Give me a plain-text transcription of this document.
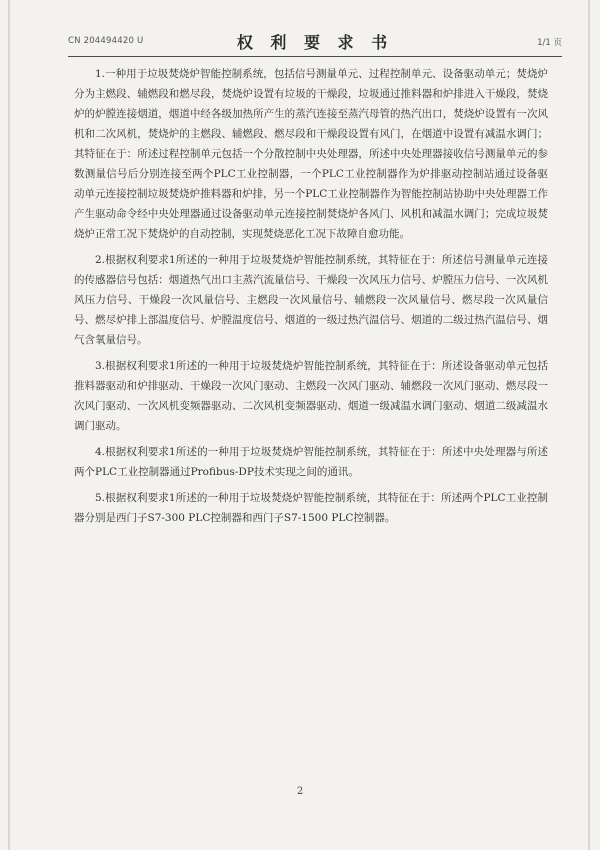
CN 204494420 U	权 利 要 求 书	1/1 页

1.一种用于垃圾焚烧炉智能控制系统，包括信号测量单元、过程控制单元、设备驱动单元；焚烧炉分为主燃段、辅燃段和燃尽段，焚烧炉设置有垃圾的干燥段，垃圾通过推料器和炉排进入干燥段，焚烧炉的炉膛连接烟道，烟道中经各级加热所产生的蒸汽连接至蒸汽母管的热汽出口，焚烧炉设置有一次风机和二次风机，焚烧炉的主燃段、辅燃段、燃尽段和干燥段设置有风门，在烟道中设置有减温水调门；其特征在于：所述过程控制单元包括一个分散控制中央处理器，所述中央处理器接收信号测量单元的参数测量信号后分别连接至两个PLC工业控制器，一个PLC工业控制器作为炉排驱动控制站通过设备驱动单元连接控制垃圾焚烧炉推料器和炉排，另一个PLC工业控制器作为智能控制站协助中央处理器工作产生驱动命令经中央处理器通过设备驱动单元连接控制焚烧炉各风门、风机和减温水调门；完成垃圾焚烧炉正常工况下焚烧炉的自动控制，实现焚烧恶化工况下故障自愈功能。

2.根据权利要求1所述的一种用于垃圾焚烧炉智能控制系统，其特征在于：所述信号测量单元连接的传感器信号包括：烟道热气出口主蒸汽流量信号、干燥段一次风压力信号、炉膛压力信号、一次风机风压力信号、干燥段一次风量信号、主燃段一次风量信号、辅燃段一次风量信号、燃尽段一次风量信号、燃尽炉排上部温度信号、炉膛温度信号、烟道的一级过热汽温信号、烟道的二级过热汽温信号、烟气含氧量信号。

3.根据权利要求1所述的一种用于垃圾焚烧炉智能控制系统，其特征在于：所述设备驱动单元包括推料器驱动和炉排驱动、干燥段一次风门驱动、主燃段一次风门驱动、辅燃段一次风门驱动、燃尽段一次风门驱动、一次风机变频器驱动、二次风机变频器驱动、烟道一级减温水调门驱动、烟道二级减温水调门驱动。

4.根据权利要求1所述的一种用于垃圾焚烧炉智能控制系统，其特征在于：所述中央处理器与所述两个PLC工业控制器通过Profibus-DP技术实现之间的通讯。

5.根据权利要求1所述的一种用于垃圾焚烧炉智能控制系统，其特征在于：所述两个PLC工业控制器分别是西门子S7-300 PLC控制器和西门子S7-1500 PLC控制器。

2
